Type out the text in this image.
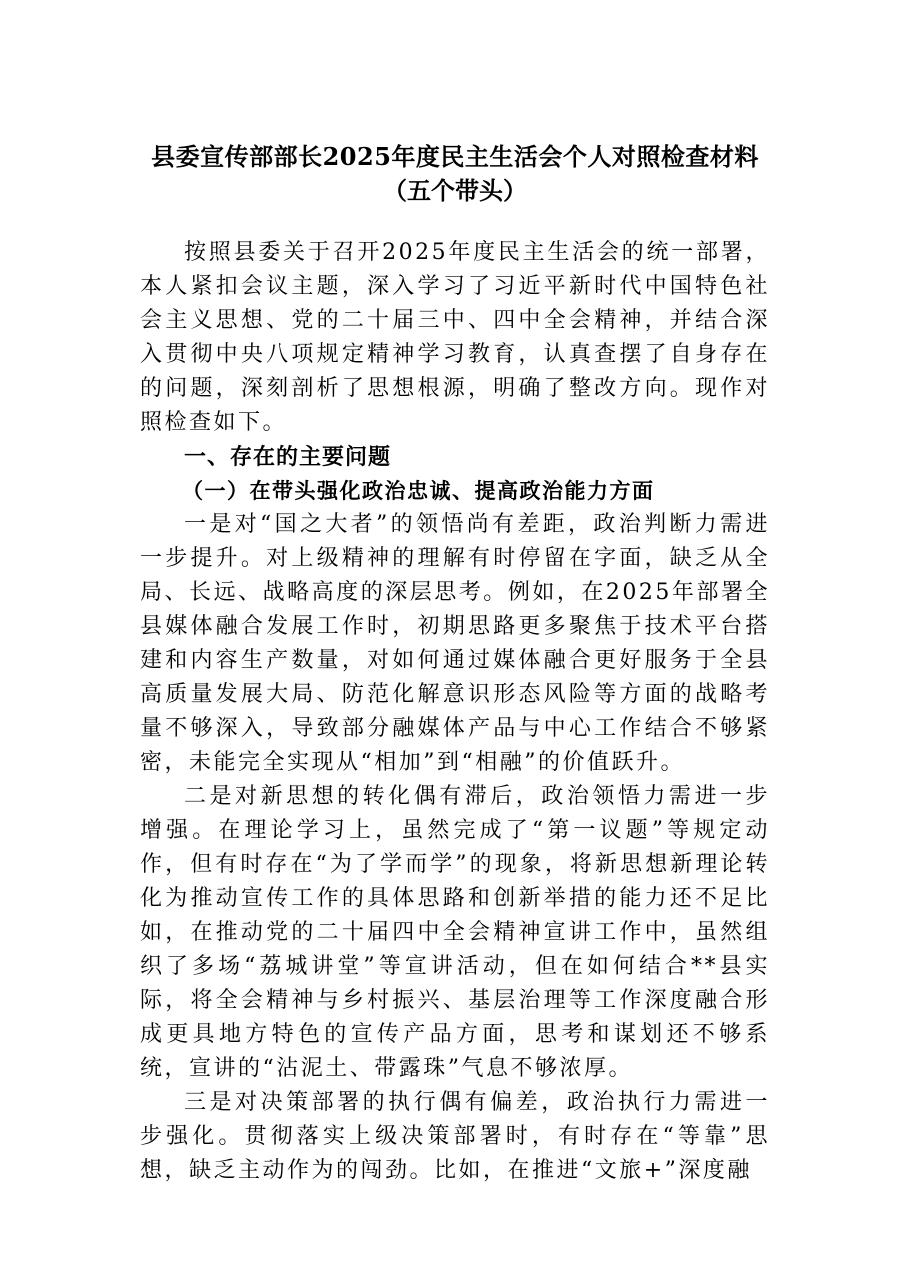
县委宣传部部长2025年度民主生活会个人对照检查材料
（五个带头）

按照县委关于召开2025年度民主生活会的统一部署，本人紧扣会议主题，深入学习了习近平新时代中国特色社会主义思想、党的二十届三中、四中全会精神，并结合深入贯彻中央八项规定精神学习教育，认真查摆了自身存在的问题，深刻剖析了思想根源，明确了整改方向。现作对照检查如下。

一、存在的主要问题

（一）在带头强化政治忠诚、提高政治能力方面

一是对“国之大者”的领悟尚有差距，政治判断力需进一步提升。对上级精神的理解有时停留在字面，缺乏从全局、长远、战略高度的深层思考。例如，在2025年部署全县媒体融合发展工作时，初期思路更多聚焦于技术平台搭建和内容生产数量，对如何通过媒体融合更好服务于全县高质量发展大局、防范化解意识形态风险等方面的战略考量不够深入，导致部分融媒体产品与中心工作结合不够紧密，未能完全实现从“相加”到“相融”的价值跃升。

二是对新思想的转化偶有滞后，政治领悟力需进一步增强。在理论学习上，虽然完成了“第一议题”等规定动作，但有时存在“为了学而学”的现象，将新思想新理论转化为推动宣传工作的具体思路和创新举措的能力还不足比如，在推动党的二十届四中全会精神宣讲工作中，虽然组织了多场“荔城讲堂”等宣讲活动，但在如何结合**县实际，将全会精神与乡村振兴、基层治理等工作深度融合形成更具地方特色的宣传产品方面，思考和谋划还不够系统，宣讲的“沾泥土、带露珠”气息不够浓厚。

三是对决策部署的执行偶有偏差，政治执行力需进一步强化。贯彻落实上级决策部署时，有时存在“等靠”思想，缺乏主动作为的闯劲。比如，在推进“文旅+”深度融
